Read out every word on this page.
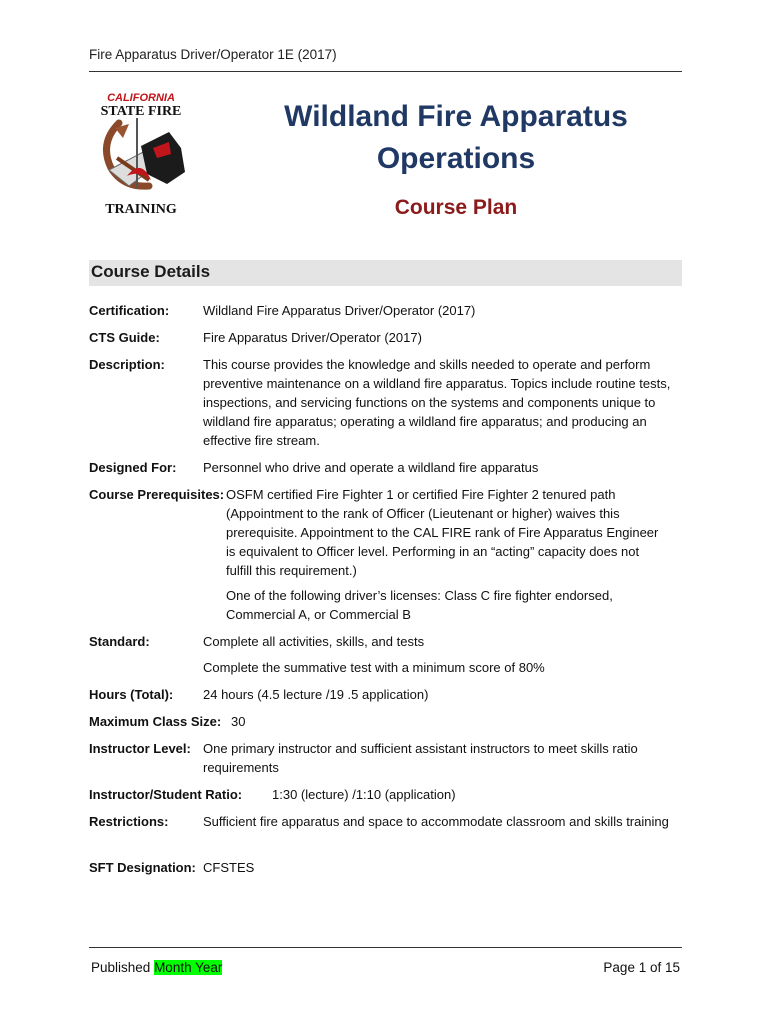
Fire Apparatus Driver/Operator 1E (2017)
CALIFORNIA
STATE FIRE
TRAINING
Wildland Fire Apparatus
Operations
Course Plan
Course Details
Certification:	Wildland Fire Apparatus Driver/Operator (2017)
CTS Guide:	Fire Apparatus Driver/Operator (2017)
Description:	This course provides the knowledge and skills needed to operate and perform preventive maintenance on a wildland fire apparatus. Topics include routine tests, inspections, and servicing functions on the systems and components unique to wildland fire apparatus; operating a wildland fire apparatus; and producing an effective fire stream.

Designed For: Personnel who drive and operate a wildland fire apparatus
Course Prerequisites: OSFM certified Fire Fighter 1 or certified Fire Fighter 2 tenured path (Appointment to the rank of Officer (Lieutenant or higher) waives this prerequisite. Appointment to the CAL FIRE rank of Fire Apparatus Engineer is equivalent to Officer level. Performing in an “acting” capacity does not fulfill this requirement.)

One of the following driver’s licenses: Class C fire fighter endorsed, Commercial A, or Commercial B

Standard:	Complete all activities, skills, and tests
Complete the summative test with a minimum score of 80%
Hours (Total): 24 hours (4.5 lecture /19 .5 application)
Maximum Class Size: 30
Instructor Level: One primary instructor and sufficient assistant instructors to meet skills ratio requirements

Instructor/Student Ratio: 1:30 (lecture) /1:10 (application)
Restrictions:	Sufficient fire apparatus and space to accommodate classroom and skills training

SFT Designation: CFSTES
Published Month Year	Page 1 of 15
